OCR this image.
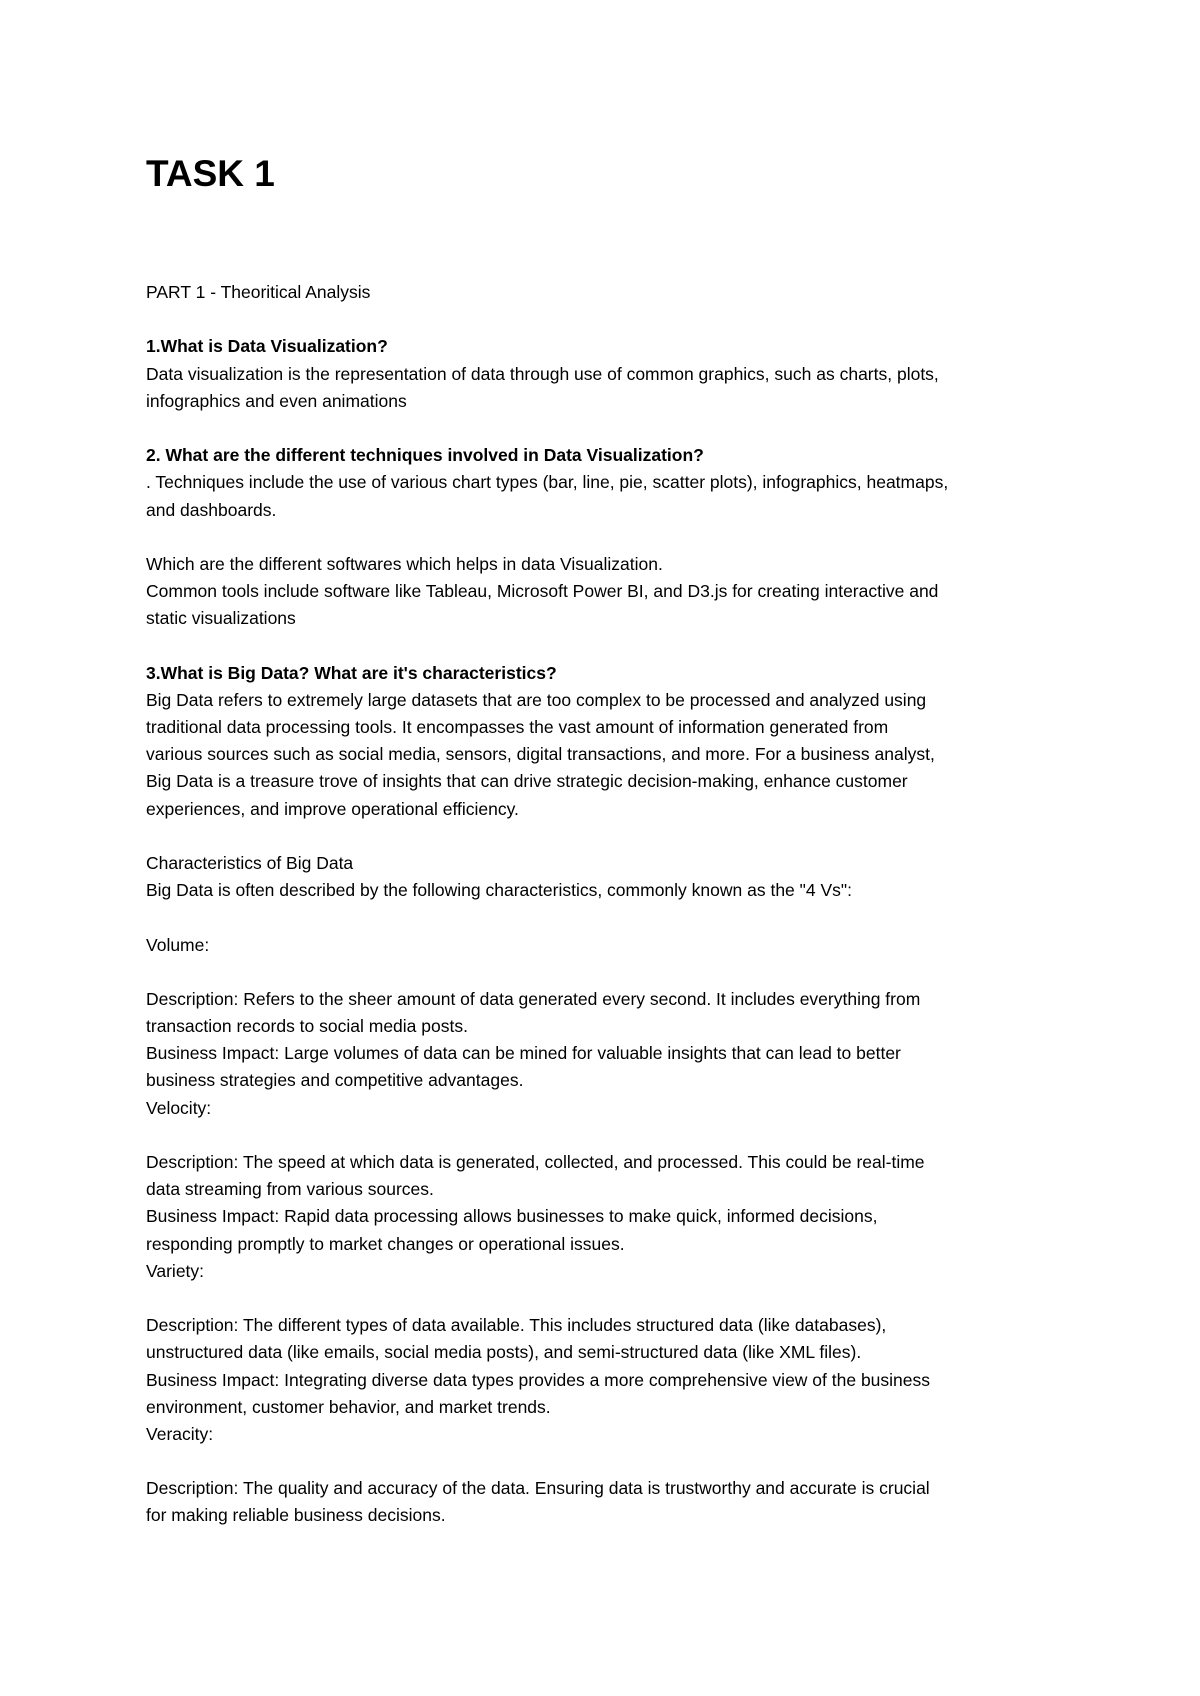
TASK 1
PART 1 - Theoritical Analysis
1.What is Data Visualization?
Data visualization is the representation of data through use of common graphics, such as charts, plots,
infographics and even animations
2. What are the different techniques involved in Data Visualization?
. Techniques include the use of various chart types (bar, line, pie, scatter plots), infographics, heatmaps,
and dashboards.
Which are the different softwares which helps in data Visualization.
Common tools include software like Tableau, Microsoft Power BI, and D3.js for creating interactive and
static visualizations
3.What is Big Data? What are it's characteristics?
Big Data refers to extremely large datasets that are too complex to be processed and analyzed using
traditional data processing tools. It encompasses the vast amount of information generated from
various sources such as social media, sensors, digital transactions, and more. For a business analyst,
Big Data is a treasure trove of insights that can drive strategic decision-making, enhance customer
experiences, and improve operational efficiency.
Characteristics of Big Data
Big Data is often described by the following characteristics, commonly known as the "4 Vs":
Volume:
Description: Refers to the sheer amount of data generated every second. It includes everything from
transaction records to social media posts.
Business Impact: Large volumes of data can be mined for valuable insights that can lead to better
business strategies and competitive advantages.
Velocity:
Description: The speed at which data is generated, collected, and processed. This could be real-time
data streaming from various sources.
Business Impact: Rapid data processing allows businesses to make quick, informed decisions,
responding promptly to market changes or operational issues.
Variety:
Description: The different types of data available. This includes structured data (like databases),
unstructured data (like emails, social media posts), and semi-structured data (like XML files).
Business Impact: Integrating diverse data types provides a more comprehensive view of the business
environment, customer behavior, and market trends.
Veracity:
Description: The quality and accuracy of the data. Ensuring data is trustworthy and accurate is crucial
for making reliable business decisions.
